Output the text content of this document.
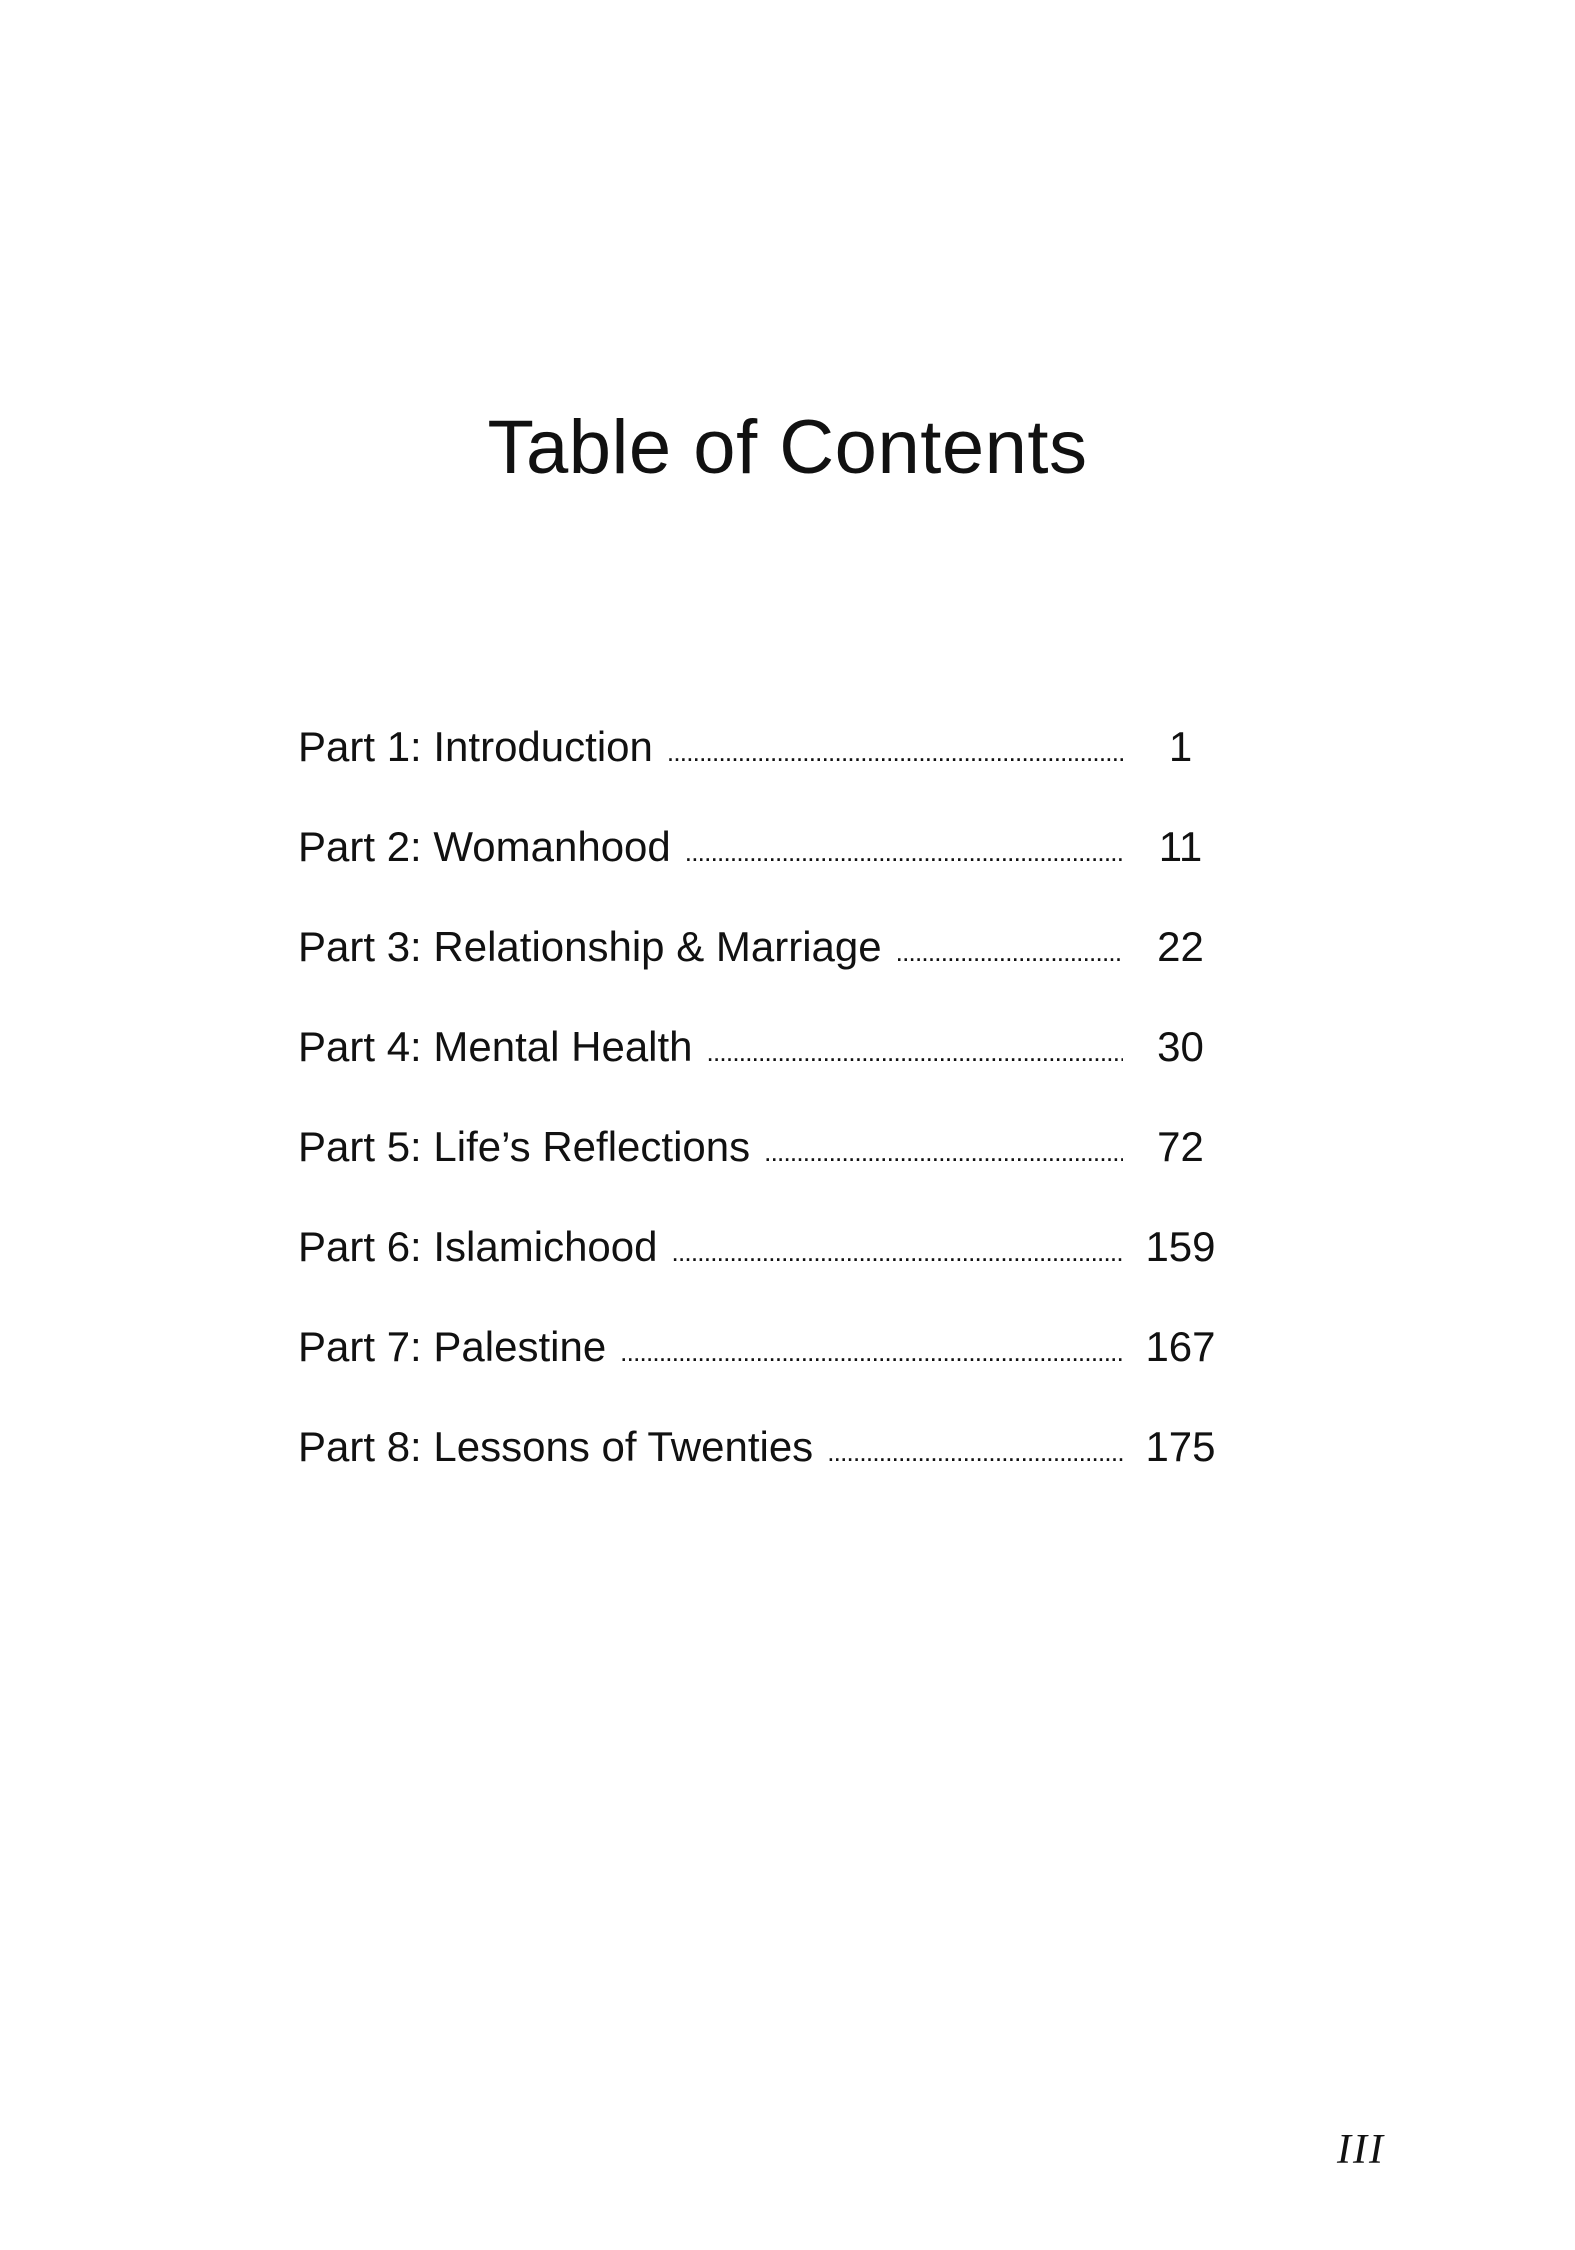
Table of Contents
Part 1: Introduction . . .	1
Part 2: Womanhood . . .	11
Part 3: Relationship & Marriage . . .	22
Part 4: Mental Health . . .	30
Part 5: Life’s Reflections . . .	72
Part 6: Islamichood . . .	159
Part 7: Palestine . . .	167
Part 8: Lessons of Twenties . . .	175
III
